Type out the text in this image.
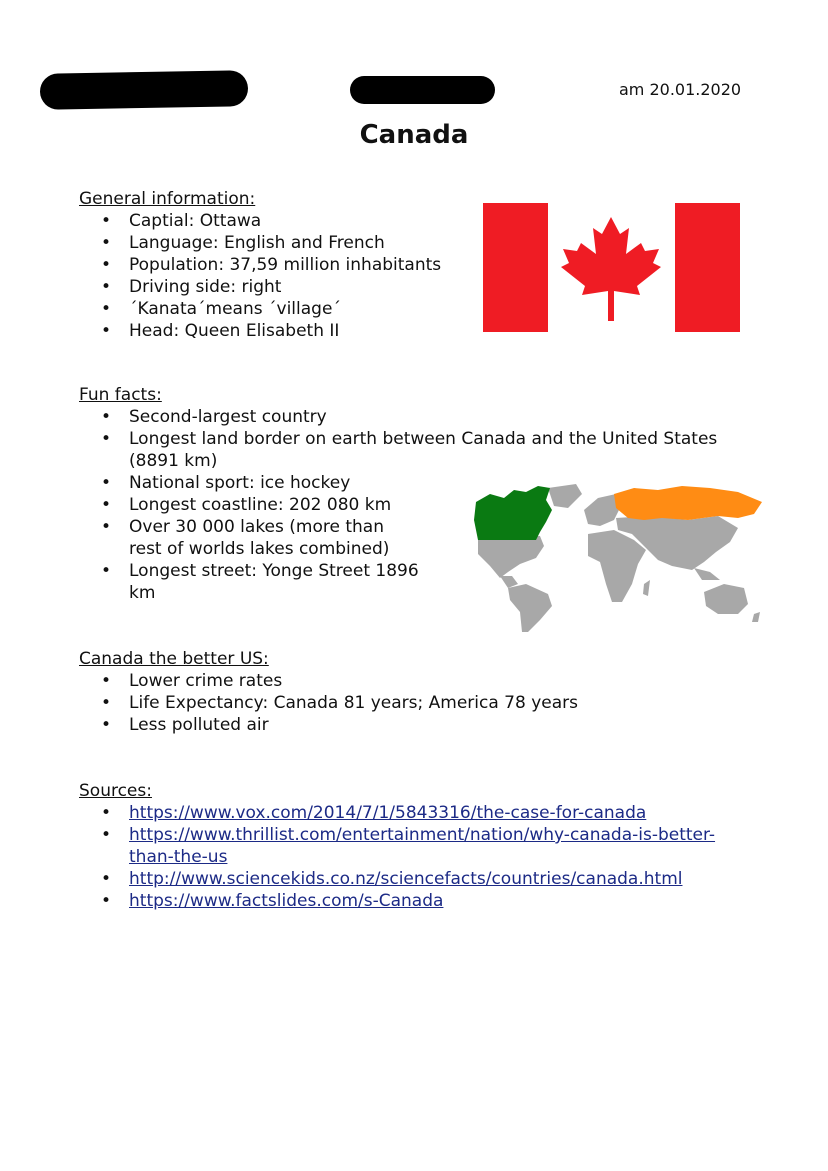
am 20.01.2020
Canada
General information:
• Captial: Ottawa
• Language: English and French
• Population: 37,59 million inhabitants
• Driving side: right
• ´Kanata´means ´village´
• Head: Queen Elisabeth II
Fun facts:
• Second-largest country
• Longest land border on earth between Canada and the United States (8891 km)
• National sport: ice hockey
• Longest coastline: 202 080 km
• Over 30 000 lakes (more than rest of worlds lakes combined)
• Longest street: Yonge Street 1896 km
Canada the better US:
• Lower crime rates
• Life Expectancy: Canada 81 years; America 78 years
• Less polluted air
Sources:
• https://www.vox.com/2014/7/1/5843316/the-case-for-canada
• https://www.thrillist.com/entertainment/nation/why-canada-is-better-than-the-us
• http://www.sciencekids.co.nz/sciencefacts/countries/canada.html
• https://www.factslides.com/s-Canada
